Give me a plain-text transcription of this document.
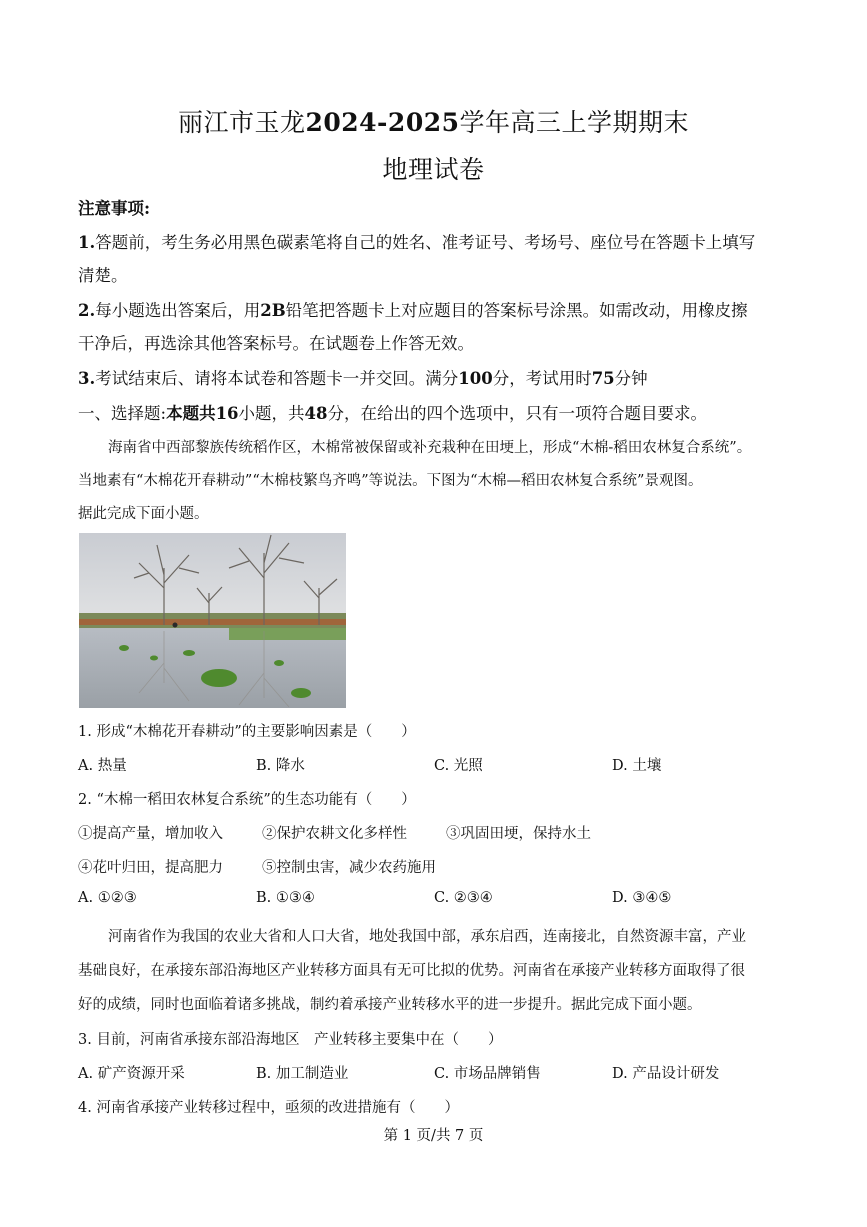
丽江市玉龙2024-2025学年高三上学期期末
地理试卷
注意事项:
1.答题前，考生务必用黑色碳素笔将自己的姓名、准考证号、考场号、座位号在答题卡上填写
清楚。
2.每小题选出答案后，用2B铅笔把答题卡上对应题目的答案标号涂黑。如需改动，用橡皮擦
干净后，再选涂其他答案标号。在试题卷上作答无效。
3.考试结束后、请将本试卷和答题卡一并交回。满分100分，考试用时75分钟
一、选择题:本题共16小题，共48分，在给出的四个选项中，只有一项符合题目要求。
海南省中西部黎族传统稻作区，木棉常被保留或补充栽种在田埂上，形成“木棉-稻田农林复合系统”。
当地素有“木棉花开春耕动”“木棉枝繁鸟齐鸣”等说法。下图为“木棉—稻田农林复合系统”景观图。
据此完成下面小题。
1. 形成“木棉花开春耕动”的主要影响因素是（　　）
A. 热量	B. 降水	C. 光照	D. 土壤
2. “木棉一稻田农林复合系统”的生态功能有（　　）
①提高产量，增加收入	②保护农耕文化多样性	③巩固田埂，保持水土
④花叶归田，提高肥力	⑤控制虫害，减少农药施用
A. ①②③	B. ①③④	C. ②③④	D. ③④⑤
河南省作为我国的农业大省和人口大省，地处我国中部，承东启西，连南接北，自然资源丰富，产业
基础良好，在承接东部沿海地区产业转移方面具有无可比拟的优势。河南省在承接产业转移方面取得了很
好的成绩，同时也面临着诸多挑战，制约着承接产业转移水平的进一步提升。据此完成下面小题。
3. 目前，河南省承接东部沿海地区　产业转移主要集中在（　　）
A. 矿产资源开采	B. 加工制造业	C. 市场品牌销售	D. 产品设计研发
4. 河南省承接产业转移过程中，亟须的改进措施有（　　）
第 1 页/共 7 页
